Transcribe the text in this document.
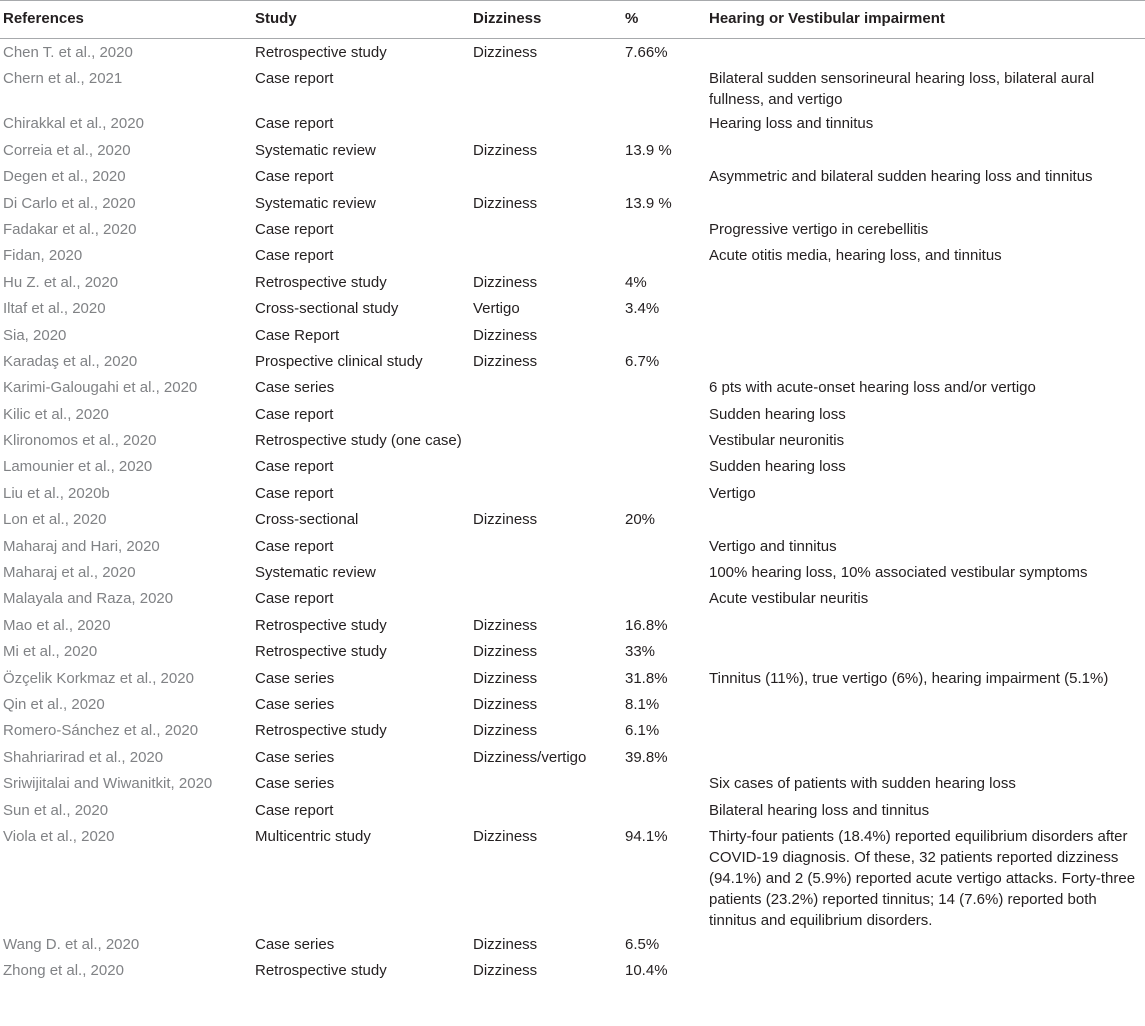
References	Study	Dizziness	%	Hearing or Vestibular impairment

Chen T. et al., 2020	Retrospective study	Dizziness	7.66%	

Chern et al., 2021	Case report			Bilateral sudden sensorineural hearing loss, bilateral aural fullness, and vertigo

Chirakkal et al., 2020	Case report			Hearing loss and tinnitus

Correia et al., 2020	Systematic review	Dizziness	13.9 %	

Degen et al., 2020	Case report			Asymmetric and bilateral sudden hearing loss and tinnitus

Di Carlo et al., 2020	Systematic review	Dizziness	13.9 %	

Fadakar et al., 2020	Case report			Progressive vertigo in cerebellitis

Fidan, 2020	Case report			Acute otitis media, hearing loss, and tinnitus

Hu Z. et al., 2020	Retrospective study	Dizziness	4%	

Iltaf et al., 2020	Cross-sectional study	Vertigo	3.4%	

Sia, 2020	Case Report	Dizziness		

Karadaş et al., 2020	Prospective clinical study	Dizziness	6.7%	

Karimi-Galougahi et al., 2020	Case series			6 pts with acute-onset hearing loss and/or vertigo

Kilic et al., 2020	Case report			Sudden hearing loss

Klironomos et al., 2020	Retrospective study (one case)			Vestibular neuronitis

Lamounier et al., 2020	Case report			Sudden hearing loss

Liu et al., 2020b	Case report			Vertigo

Lon et al., 2020	Cross-sectional	Dizziness	20%	

Maharaj and Hari, 2020	Case report			Vertigo and tinnitus

Maharaj et al., 2020	Systematic review			100% hearing loss, 10% associated vestibular symptoms

Malayala and Raza, 2020	Case report			Acute vestibular neuritis

Mao et al., 2020	Retrospective study	Dizziness	16.8%	

Mi et al., 2020	Retrospective study	Dizziness	33%	

Özçelik Korkmaz et al., 2020	Case series	Dizziness	31.8%	Tinnitus (11%), true vertigo (6%), hearing impairment (5.1%)

Qin et al., 2020	Case series	Dizziness	8.1%	

Romero-Sánchez et al., 2020	Retrospective study	Dizziness	6.1%	

Shahriarirad et al., 2020	Case series	Dizziness/vertigo	39.8%	

Sriwijitalai and Wiwanitkit, 2020	Case series			Six cases of patients with sudden hearing loss

Sun et al., 2020	Case report			Bilateral hearing loss and tinnitus

Viola et al., 2020	Multicentric study	Dizziness	94.1%	Thirty-four patients (18.4%) reported equilibrium disorders after COVID-19 diagnosis. Of these, 32 patients reported dizziness (94.1%) and 2 (5.9%) reported acute vertigo attacks. Forty-three patients (23.2%) reported tinnitus; 14 (7.6%) reported both tinnitus and equilibrium disorders.

Wang D. et al., 2020	Case series	Dizziness	6.5%	

Zhong et al., 2020	Retrospective study	Dizziness	10.4%	
